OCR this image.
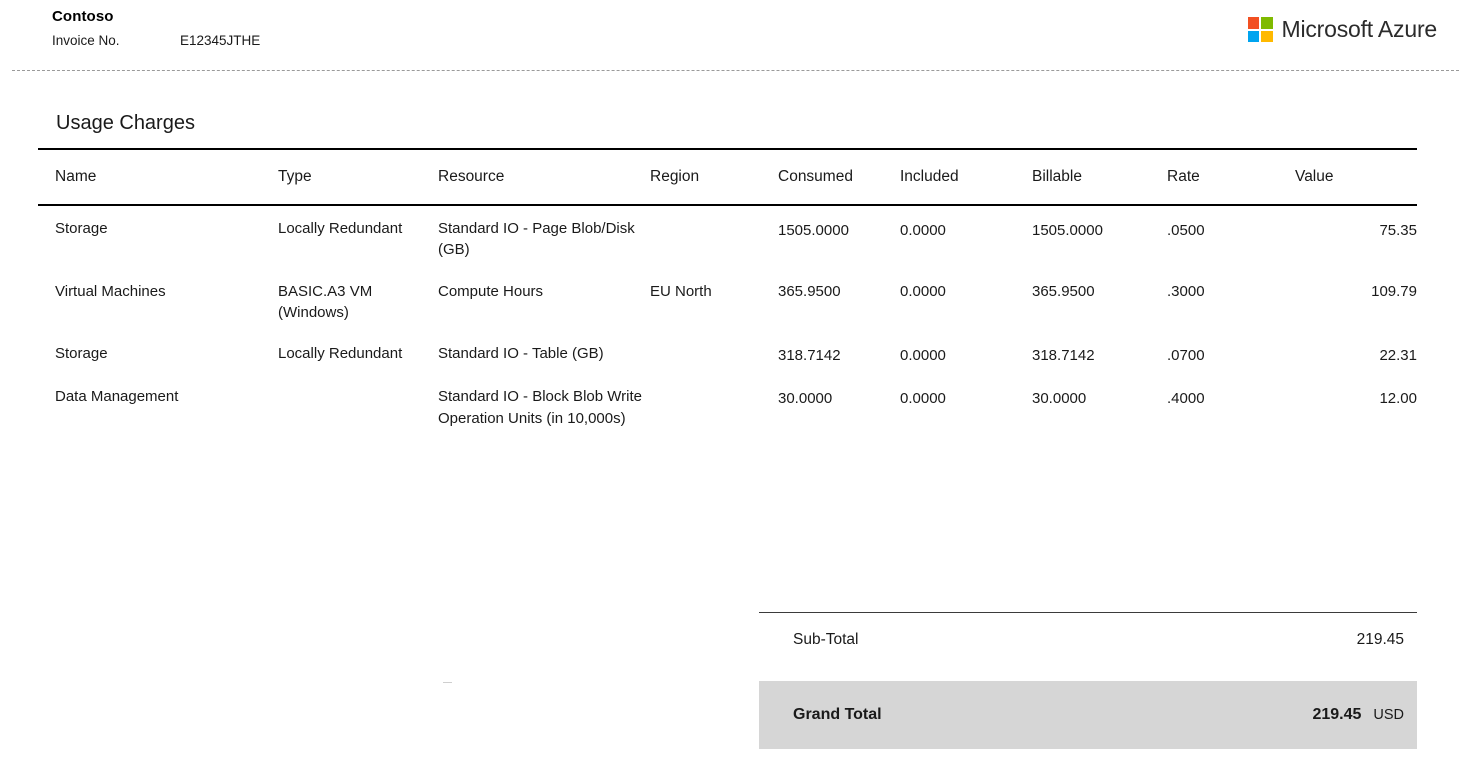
Contoso
Invoice No.	E12345JTHE	Microsoft Azure
Usage Charges
Name	Type	Resource	Region	Consumed	Included	Billable	Rate	Value
Storage	Locally Redundant	Standard IO - Page Blob/Disk (GB)		1505.0000	0.0000	1505.0000	.0500	75.35
Virtual Machines	BASIC.A3 VM (Windows)	Compute Hours	EU North	365.9500	0.0000	365.9500	.3000	109.79
Storage	Locally Redundant	Standard IO - Table (GB)		318.7142	0.0000	318.7142	.0700	22.31
Data Management		Standard IO - Block Blob Write Operation Units (in 10,000s)		30.0000	0.0000	30.0000	.4000	12.00
Sub-Total	219.45
Grand Total	219.45 USD
